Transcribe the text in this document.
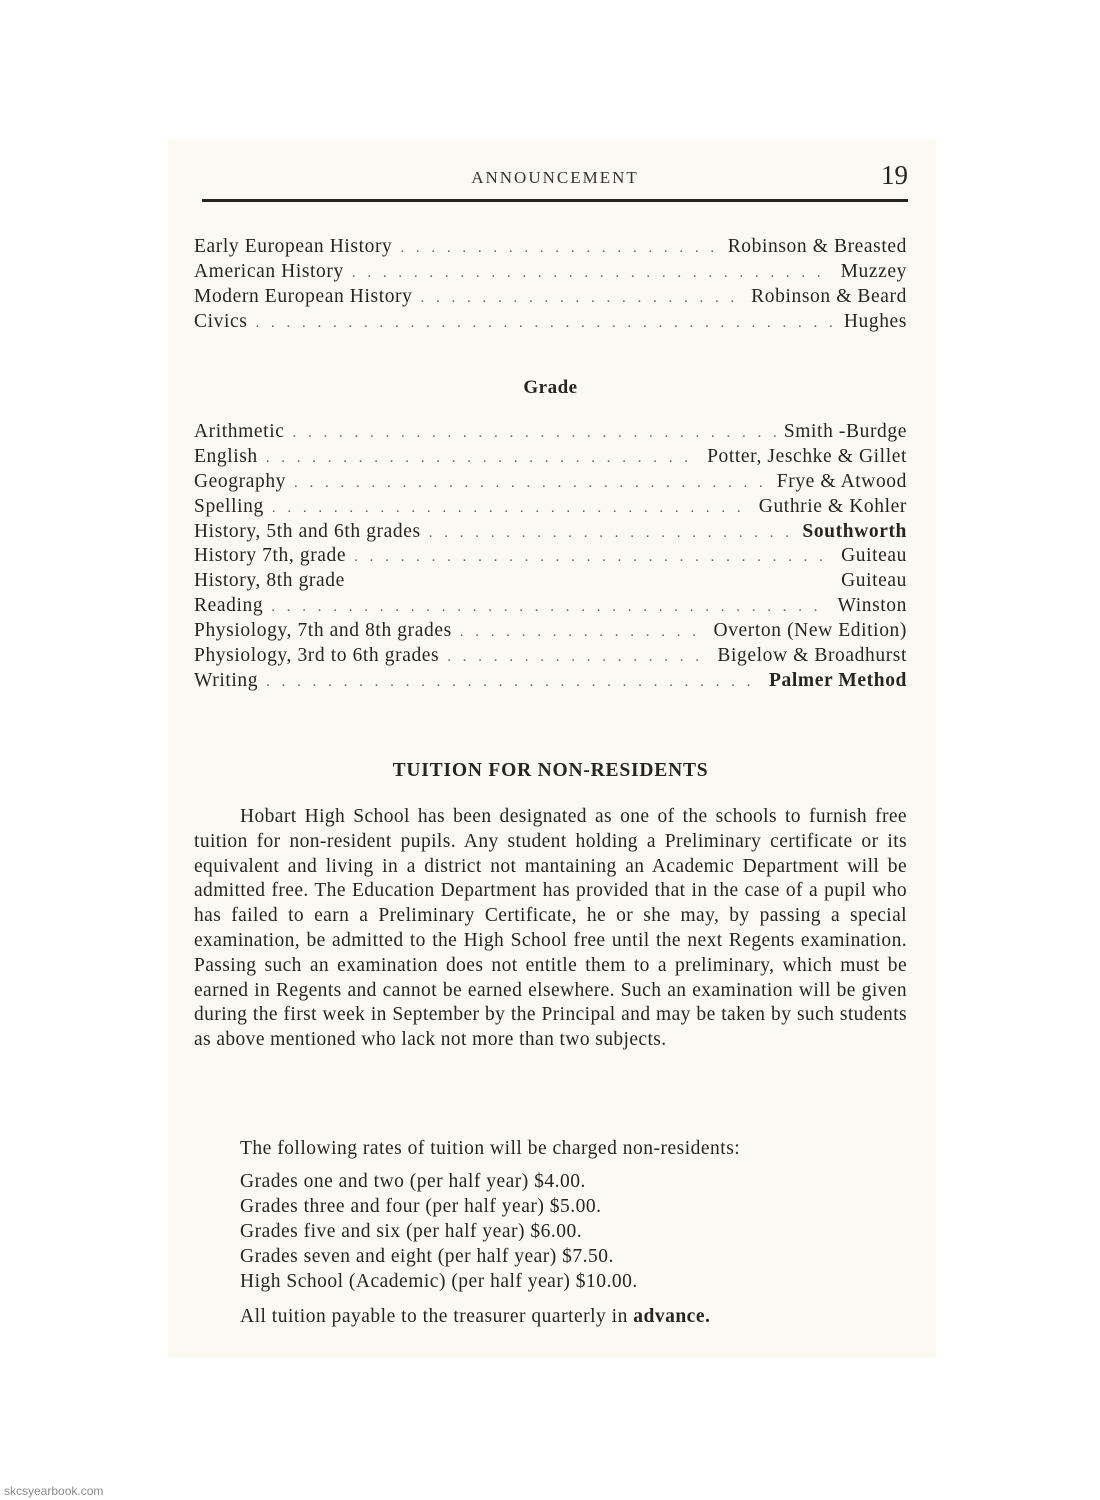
ANNOUNCEMENT	19
Early European History . . .	Robinson & Breasted
American History . . .	Muzzey
Modern European History . . .	Robinson & Beard
Civics . . .	Hughes
Grade
Arithmetic . . .	Smith -Burdge
English . . .	Potter, Jeschke & Gillet
Geography . . .	Frye & Atwood
Spelling . . .	Guthrie & Kohler
History, 5th and 6th grades . . .	Southworth
History 7th, grade . . .	Guiteau
History, 8th grade	Guiteau
Reading . . .	Winston
Physiology, 7th and 8th grades . . .	Overton (New Edition)
Physiology, 3rd to 6th grades . . .	Bigelow & Broadhurst
Writing . . .	Palmer Method
TUITION FOR NON-RESIDENTS

Hobart High School has been designated as one of the schools to furnish free tuition for non-resident pupils. Any student holding a Preliminary certificate or its equivalent and living in a district not mantaining an Academic Department will be admitted free. The Education Department has provided that in the case of a pupil who has failed to earn a Preliminary Certificate, he or she may, by passing a special examination, be admitted to the High School free until the next Regents examination. Passing such an examination does not entitle them to a preliminary, which must be earned in Regents and cannot be earned elsewhere. Such an examination will be given during the first week in September by the Principal and may be taken by such students as above mentioned who lack not more than two subjects.

The following rates of tuition will be charged non-residents:
Grades one and two (per half year) $4.00.
Grades three and four (per half year) $5.00.
Grades five and six (per half year) $6.00.
Grades seven and eight (per half year) $7.50.
High School (Academic) (per half year) $10.00.
All tuition payable to the treasurer quarterly in advance.
skcsyearbook.com
